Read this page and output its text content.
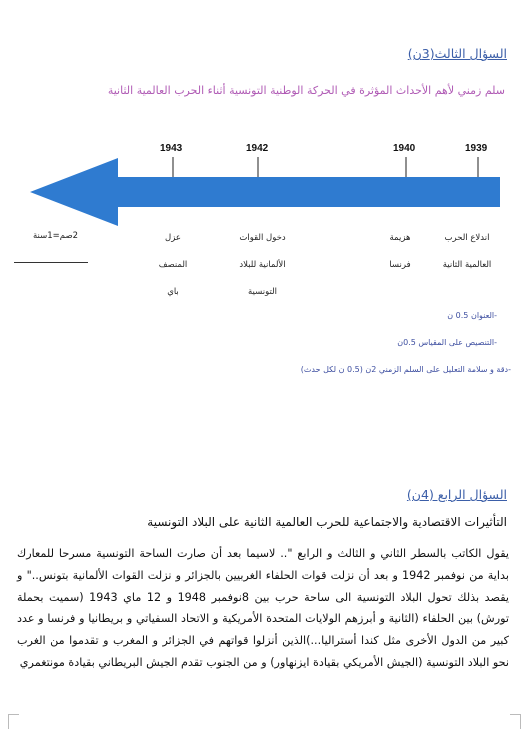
السؤال الثالث(3ن)
سلم زمني لأهم الأحداث المؤثرة في الحركة الوطنية التونسية أثناء الحرب العالمية الثانية
1939
1940
1942
1943
اندلاع الحرب
العالمية الثانية
هزيمة
فرنسا
دخول القوات
الألمانية للبلاد
التونسية
عزل
المنصف
باي
2صم=1سنة
-العنوان 0.5 ن
-التنصيص على المقياس 0.5ن
-دقة و سلامة التعليل على السلم الزمني 2ن (0.5 ن لكل حدث)
السؤال الرابع (4ن)
التأثيرات الاقتصادية والاجتماعية للحرب العالمية الثانية على البلاد التونسية
يقول الكاتب بالسطر الثاني و الثالث و الرابع ".. لاسيما بعد أن صارت الساحة التونسية مسرحا للمعارك بداية من نوفمبر 1942 و بعد أن نزلت قوات الحلفاء الغربيين بالجزائر و نزلت القوات الألمانية بتونس.." و يقصد بذلك تحول البلاد التونسية الى ساحة حرب بين 8نوفمبر 1948 و 12 ماي 1943 (سميت بحملة تورش) بين الحلفاء (الثانية و أبرزهم الولايات المتحدة الأمريكية و الاتحاد السفياتي و بريطانيا و فرنسا و عدد كبير من الدول الأخرى مثل كندا أستراليا...)الذين أنزلوا قواتهم في الجزائر و المغرب و تقدموا من الغرب نحو البلاد التونسية (الجيش الأمريكي بقيادة ايزنهاور) و من الجنوب تقدم الجيش البريطاني بقيادة مونتغمري
